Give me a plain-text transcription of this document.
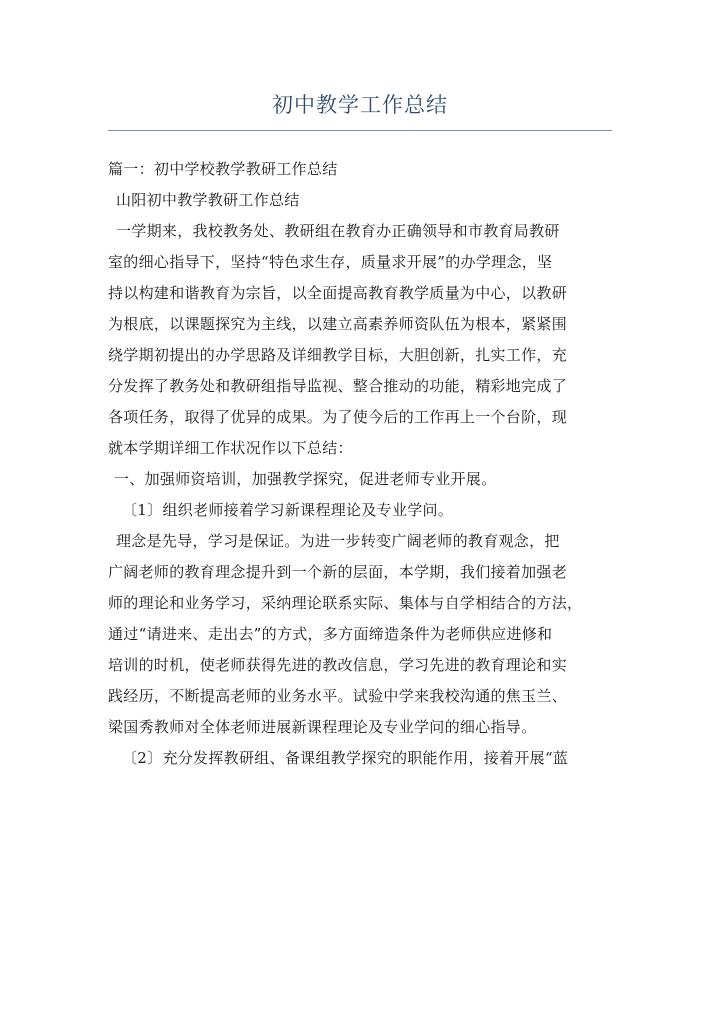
初中教学工作总结
篇一：初中学校教学教研工作总结
山阳初中教学教研工作总结
一学期来，我校教务处、教研组在教育办正确领导和市教育局教研
室的细心指导下，坚持“特色求生存，质量求开展”的办学理念，坚
持以构建和谐教育为宗旨，以全面提高教育教学质量为中心，以教研
为根底，以课题探究为主线，以建立高素养师资队伍为根本，紧紧围
绕学期初提出的办学思路及详细教学目标，大胆创新，扎实工作，充
分发挥了教务处和教研组指导监视、整合推动的功能，精彩地完成了
各项任务，取得了优异的成果。为了使今后的工作再上一个台阶，现
就本学期详细工作状况作以下总结：
一、加强师资培训，加强教学探究，促进老师专业开展。
〔1〕组织老师接着学习新课程理论及专业学问。
理念是先导，学习是保证。为进一步转变广阔老师的教育观念，把
广阔老师的教育理念提升到一个新的层面，本学期，我们接着加强老
师的理论和业务学习，采纳理论联系实际、集体与自学相结合的方法，
通过“请进来、走出去”的方式，多方面缔造条件为老师供应进修和
培训的时机，使老师获得先进的教改信息，学习先进的教育理论和实
践经历，不断提高老师的业务水平。试验中学来我校沟通的焦玉兰、
梁国秀教师对全体老师进展新课程理论及专业学问的细心指导。
〔2〕充分发挥教研组、备课组教学探究的职能作用，接着开展“蓝
